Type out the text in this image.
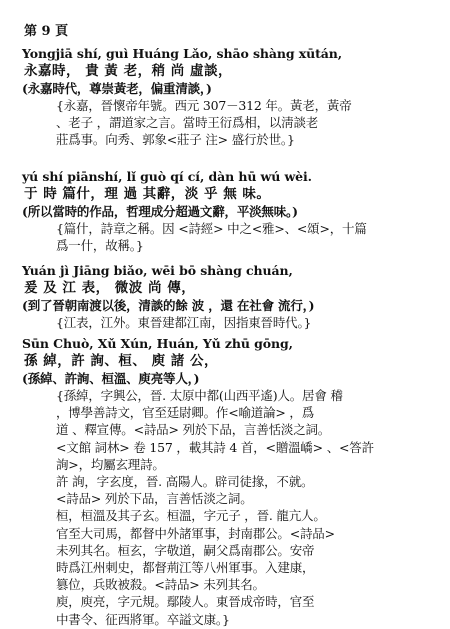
第 9 頁
Yongjiā shí, guì Huáng Lǎo, shāo shàng xūtán,
永嘉時， 貴 黃 老，稍 尚 虛談，
(永嘉時代，尊崇黃老，偏重清談，)
{永嘉，晉懷帝年號。西元 307－312 年。黃老，黃帝
、老子 ，謂道家之言。當時王衍爲相，以淸談老
莊爲事。向秀、郭象<莊子 注> 盛行於世。}
yú shí piānshí, lǐ guò qí cí, dàn hū wú wèi.
于 時 篇什，理 過 其辭，淡 乎 無 味。
(所以當時的作品，哲理成分超過文辭，平淡無味。)
{篇什，詩章之稱。因 <詩經> 中之<雅>、<頌>，十篇
爲一什，故稱。}
Yuán jì Jiāng biǎo, wēi bō shàng chuán,
爰 及 江 表， 微波 尚 傳，
(到了晉朝南渡以後，清談的餘 波 ，還 在社會 流行，)
{江表，江外。東晉建都江南，因指東晉時代。}
Sūn Chuò, Xǔ Xún, Huán, Yǔ zhū gōng,
孫 綽，許 詢、桓、 庾 諸 公，
(孫綽、許詢、桓溫、庾亮等人，)
{孫綽，字興公，晉. 太原中都(山西平遙)人。居會 稽
，博學善詩文，官至廷尉卿。作<喻道論> ，爲
道 、釋宣傳。<詩品> 列於下品，言善恬淡之詞。
<文館 詞林> 卷 157 ，載其詩 4 首，<贈溫嶠> 、<答許
詢>，均屬玄理詩。
許 詢，字玄度，晉. 高陽人。辟司徒掾，不就。
<詩品> 列於下品，言善恬淡之詞。
桓，桓溫及其子玄。桓溫，字元子 ，晉. 龍亢人。
官至大司馬，都督中外諸軍事，封南郡公。<詩品>
未列其名。桓玄，字敬道，嗣父爲南郡公。安帝
時爲江州刺史，都督荊江等八州軍事。入建康，
篡位，兵敗被殺。<詩品> 未列其名。
庾，庾亮，字元規。鄢陵人。東晉成帝時，官至
中書令、征西將軍。卒謚文康。}
